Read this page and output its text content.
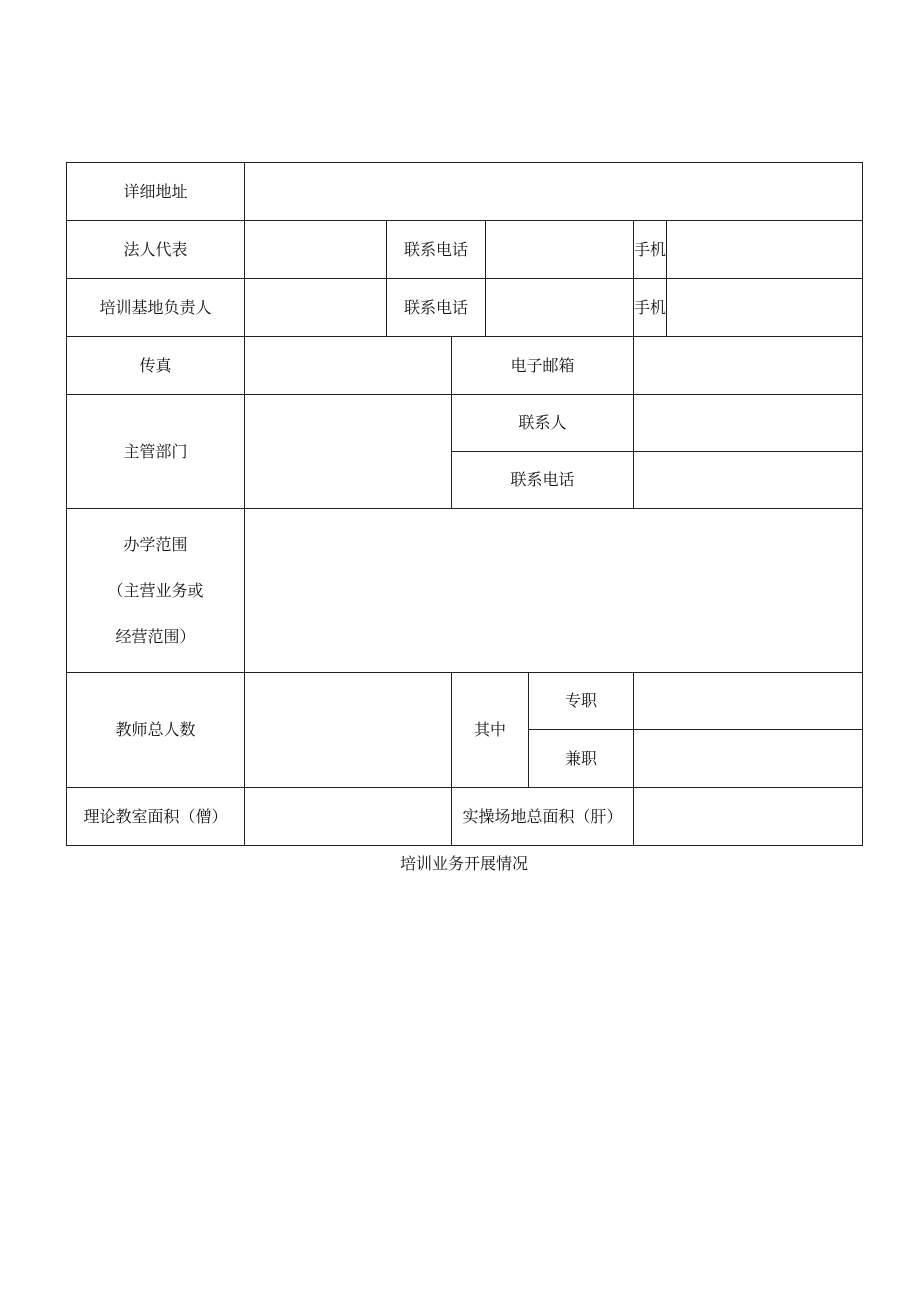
详细地址							
法人代表		联系电话				手机	
培训基地负责人		联系电话				手机	
传真			电子邮箱				
主管部门			联系人				
			联系电话				

办学范围
（主营业务或
经营范围）							

教师总人数			其中		专职		
					兼职		
理论教室面积（僧）			实操场地总面积（肝）				
培训业务开展情况
